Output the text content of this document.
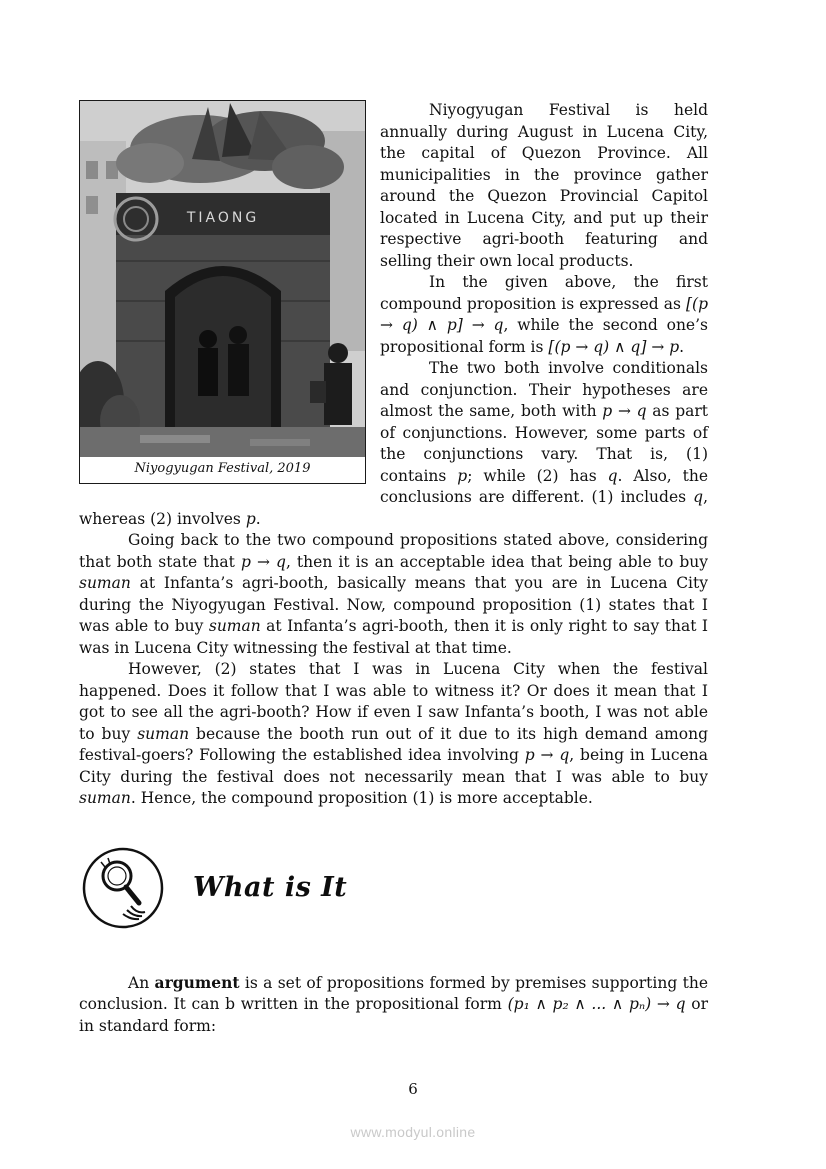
TIAONG
Niyogyugan Festival, 2019

Niyogyugan Festival is held annually during August in Lucena City, the capital of Quezon Province. All municipalities in the province gather around the Quezon Provincial Capitol located in Lucena City, and put up their respective agri-booth featuring and selling their own local products.

In the given above, the first compound proposition is expressed as [(p → q) ∧ p] → q, while the second one’s propositional form is [(p → q) ∧ q] → p.

The two both involve conditionals and conjunction. Their hypotheses are almost the same, both with p → q as part of conjunctions. However, some parts of the conjunctions vary. That is, (1) contains p; while (2) has q. Also, the conclusions are different. (1) includes q, whereas (2) involves p.

Going back to the two compound propositions stated above, considering that both state that p → q, then it is an acceptable idea that being able to buy suman at Infanta’s agri-booth, basically means that you are in Lucena City during the Niyogyugan Festival. Now, compound proposition (1) states that I was able to buy suman at Infanta’s agri-booth, then it is only right to say that I was in Lucena City witnessing the festival at that time.

However, (2) states that I was in Lucena City when the festival happened. Does it follow that I was able to witness it? Or does it mean that I got to see all the agri-booth? How if even I saw Infanta’s booth, I was not able to buy suman because the booth run out of it due to its high demand among festival-goers? Following the established idea involving p → q, being in Lucena City during the festival does not necessarily mean that I was able to buy suman. Hence, the compound proposition (1) is more acceptable.

What is It

An argument is a set of propositions formed by premises supporting the conclusion. It can b written in the propositional form (p₁ ∧ p₂ ∧ ... ∧ pₙ) → q or in standard form:

6
www.modyul.online
